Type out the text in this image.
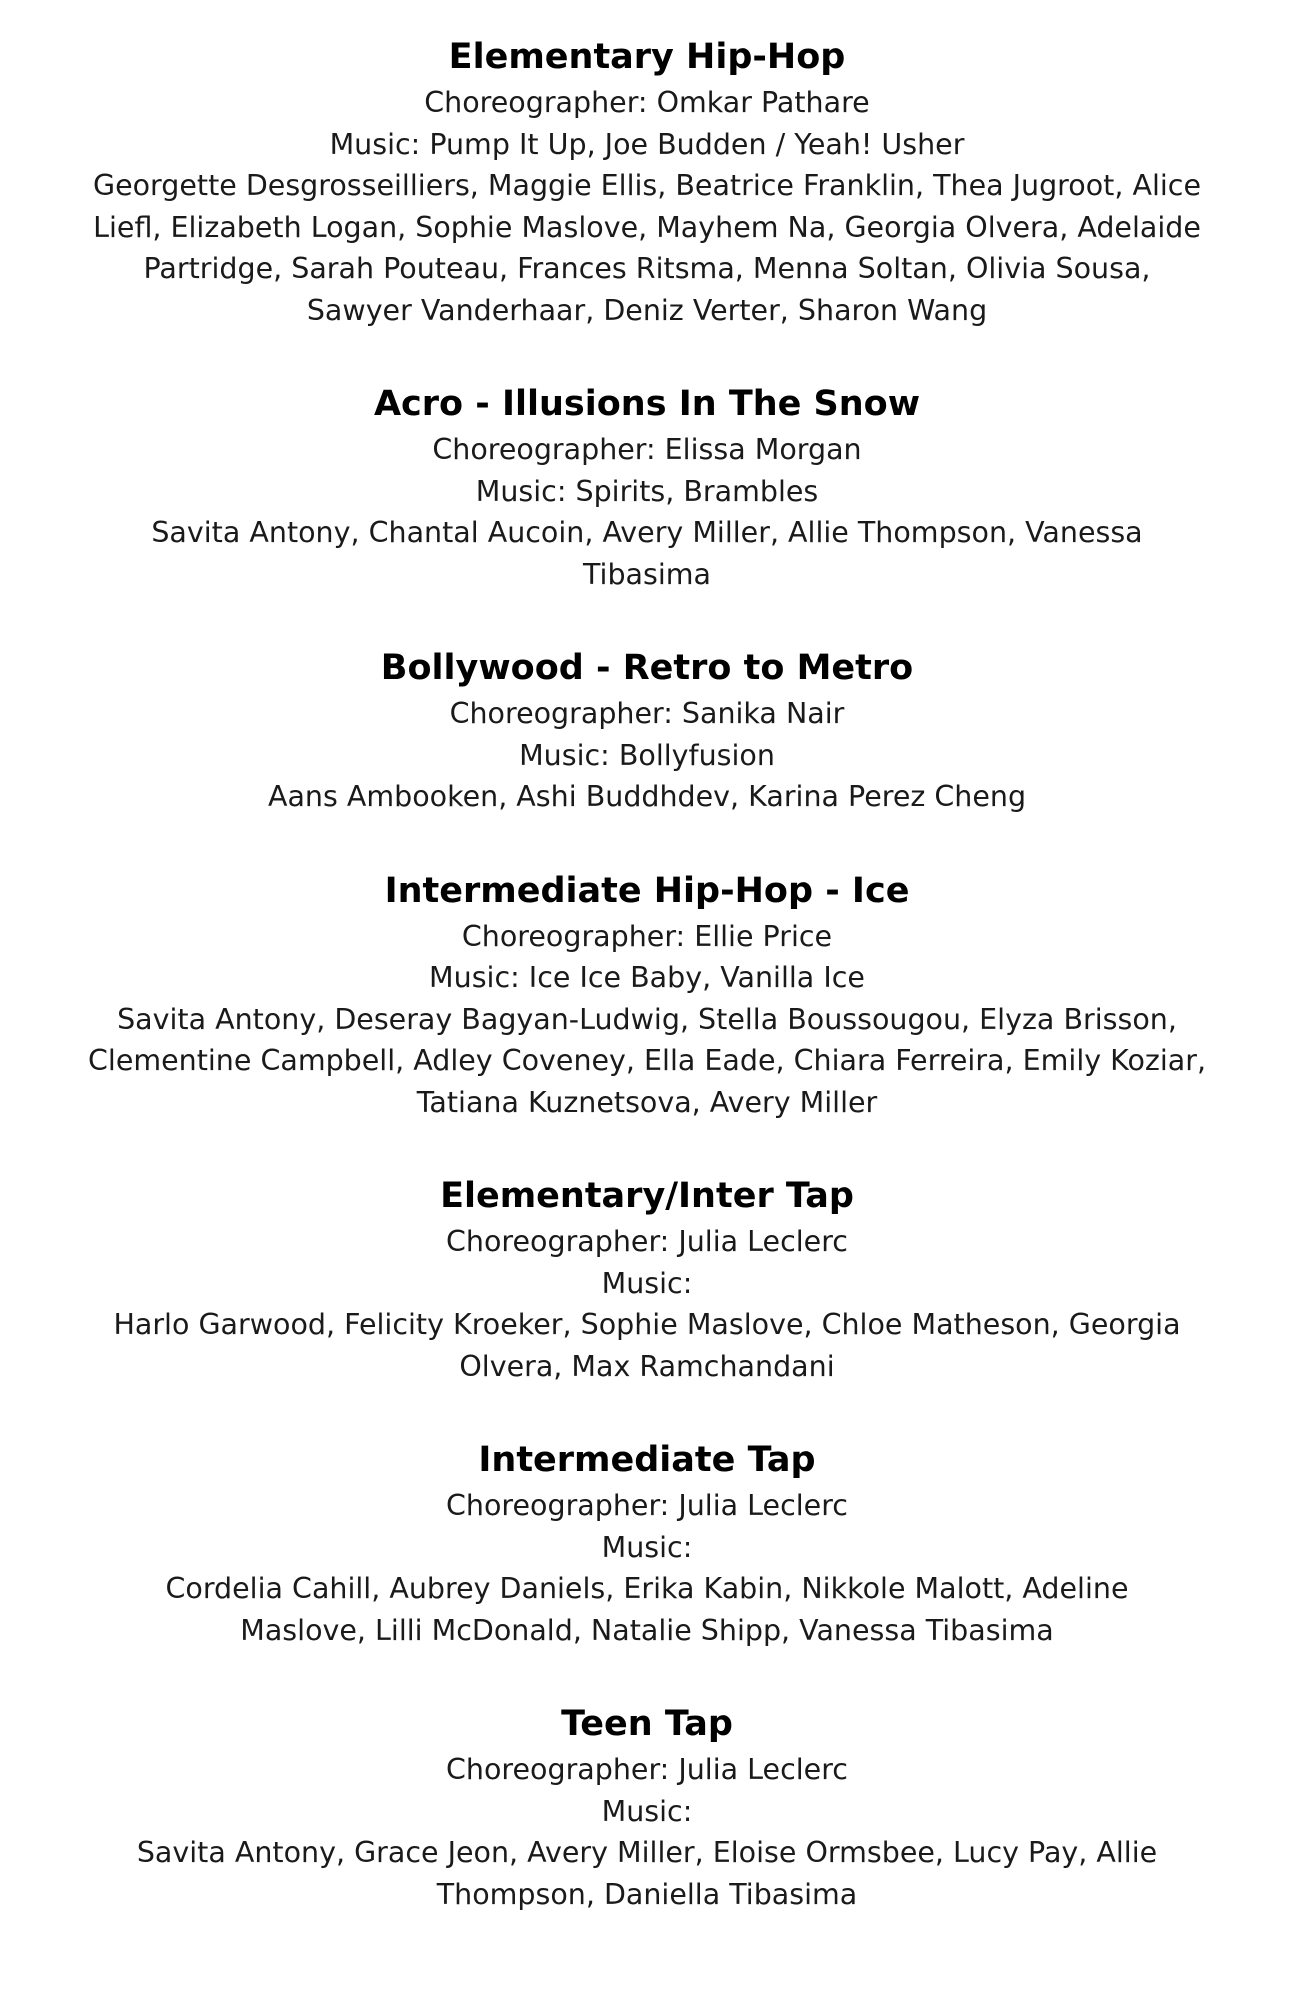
Elementary Hip-Hop
Choreographer: Omkar Pathare
Music: Pump It Up, Joe Budden / Yeah! Usher
Georgette Desgrosseilliers, Maggie Ellis, Beatrice Franklin, Thea Jugroot, Alice Liefl, Elizabeth Logan, Sophie Maslove, Mayhem Na, Georgia Olvera, Adelaide Partridge, Sarah Pouteau, Frances Ritsma, Menna Soltan, Olivia Sousa, Sawyer Vanderhaar, Deniz Verter, Sharon Wang
Acro - Illusions In The Snow
Choreographer: Elissa Morgan
Music: Spirits, Brambles
Savita Antony, Chantal Aucoin, Avery Miller, Allie Thompson, Vanessa Tibasima
Bollywood - Retro to Metro
Choreographer: Sanika Nair
Music: Bollyfusion
Aans Ambooken, Ashi Buddhdev, Karina Perez Cheng
Intermediate Hip-Hop - Ice
Choreographer: Ellie Price
Music: Ice Ice Baby, Vanilla Ice
Savita Antony, Deseray Bagyan-Ludwig, Stella Boussougou, Elyza Brisson, Clementine Campbell, Adley Coveney, Ella Eade, Chiara Ferreira, Emily Koziar, Tatiana Kuznetsova, Avery Miller
Elementary/Inter Tap
Choreographer: Julia Leclerc
Music:
Harlo Garwood, Felicity Kroeker, Sophie Maslove, Chloe Matheson, Georgia Olvera, Max Ramchandani
Intermediate Tap
Choreographer: Julia Leclerc
Music:
Cordelia Cahill, Aubrey Daniels, Erika Kabin, Nikkole Malott, Adeline Maslove, Lilli McDonald, Natalie Shipp, Vanessa Tibasima
Teen Tap
Choreographer: Julia Leclerc
Music:
Savita Antony, Grace Jeon, Avery Miller, Eloise Ormsbee, Lucy Pay, Allie Thompson, Daniella Tibasima
